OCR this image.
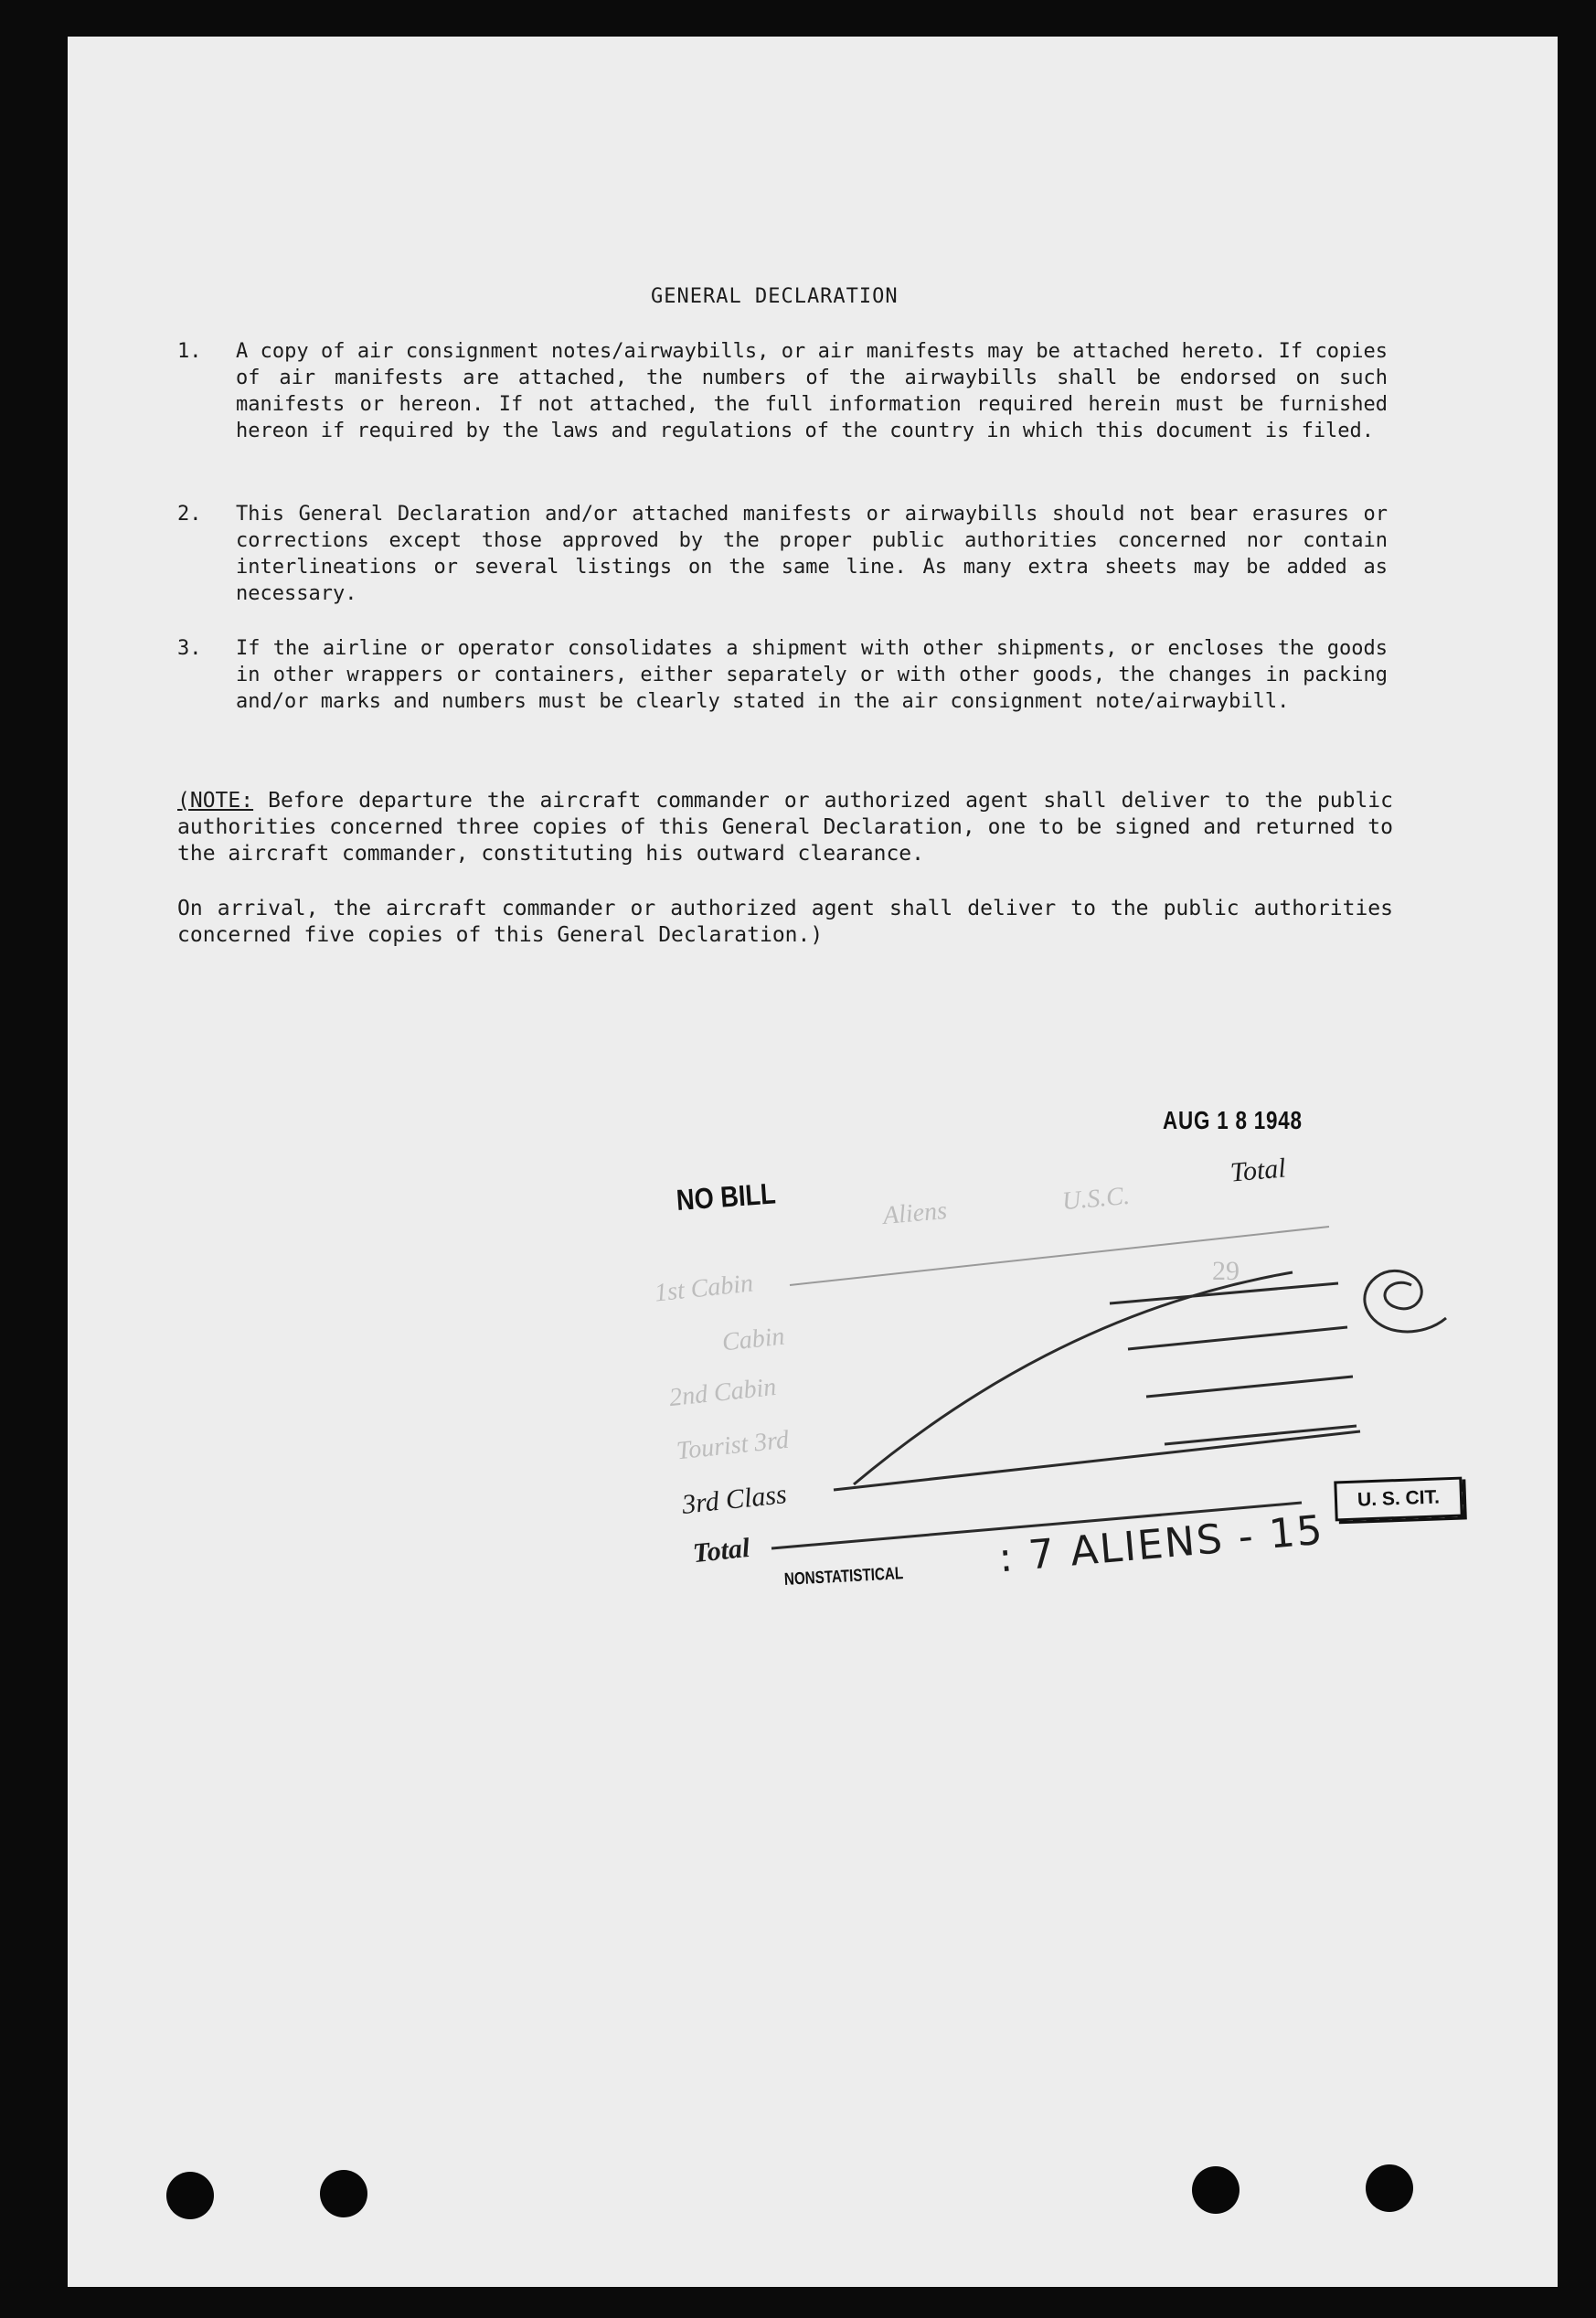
GENERAL DECLARATION
1. A copy of air consignment notes/airwaybills, or air manifests may be attached hereto. If copies of air manifests are attached, the numbers of the airwaybills shall be endorsed on such manifests or hereon. If not attached, the full information required herein must be furnished hereon if required by the laws and regulations of the country in which this document is filed.
2. This General Declaration and/or attached manifests or airwaybills should not bear erasures or corrections except those approved by the proper public authorities concerned nor contain interlineations or several listings on the same line. As many extra sheets may be added as necessary.
3. If the airline or operator consolidates a shipment with other shipments, or encloses the goods in other wrappers or containers, either separately or with other goods, the changes in packing and/or marks and numbers must be clearly stated in the air consignment note/airwaybill.
(NOTE: Before departure the aircraft commander or authorized agent shall deliver to the public authorities concerned three copies of this General Declaration, one to be signed and returned to the aircraft commander, constituting his outward clearance.
On arrival, the aircraft commander or authorized agent shall deliver to the public authorities concerned five copies of this General Declaration.)
AUG 1 8 1948
NO BILL
NONSTATISTICAL
U. S. CIT.
Aliens	U.S.C.
Total
1st Cabin
Cabin
2nd Cabin
Tourist 3rd
3rd Class
Total
29
: 7 ALIENS - 15
